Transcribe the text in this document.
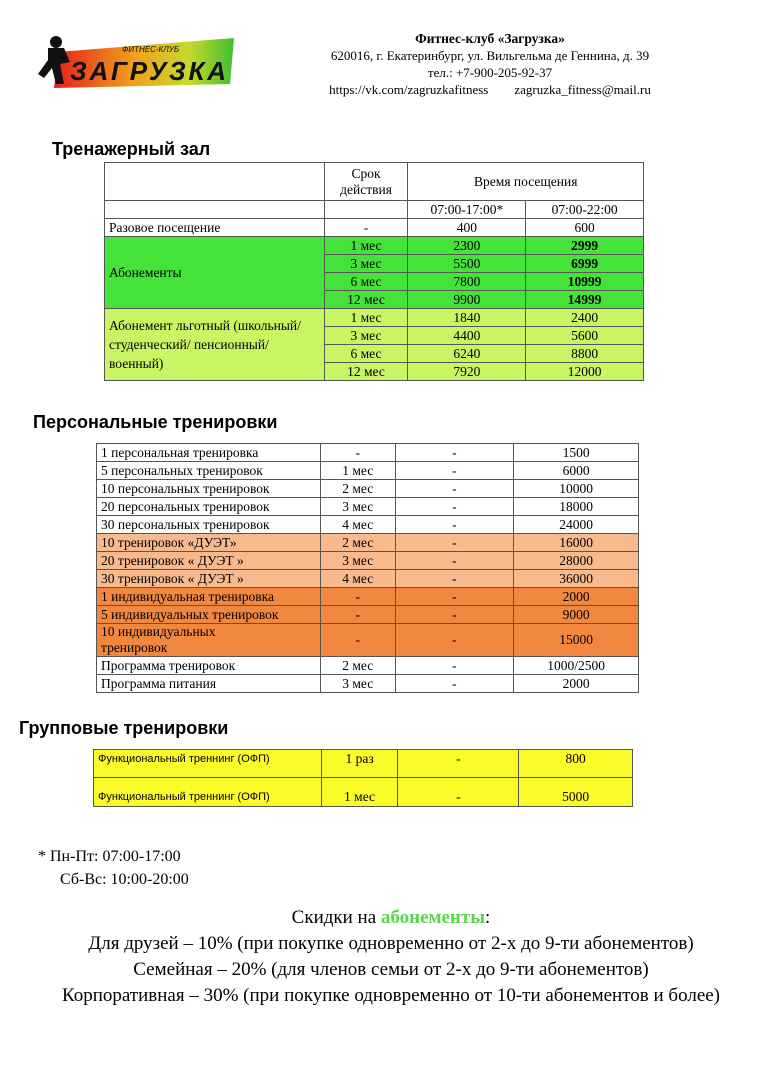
ФИТНЕС-КЛУБ
ЗАГРУЗКА
Фитнес-клуб «Загрузка»
620016, г. Екатеринбург, ул. Вильгельма де Геннина, д. 39
тел.: +7-900-205-92-37
https://vk.com/zagruzkafitness zagruzka_fitness@mail.ru
Тренажерный зал
	Срок действия	Время посещения	
		07:00-17:00*	07:00-22:00
Разовое посещение	-	400	600
Абонементы	1 мес	2300	2999
	3 мес	5500	6999
	6 мес	7800	10999
	12 мес	9900	14999
Абонемент льготный (школьный/студенческий/ пенсионный/военный)	1 мес	1840	2400
	3 мес	4400	5600
	6 мес	6240	8800
	12 мес	7920	12000
Персональные тренировки
1 персональная тренировка	-	-	1500
5 персональных тренировок	1 мес	-	6000
10 персональных тренировок	2 мес	-	10000
20 персональных тренировок	3 мес	-	18000
30 персональных тренировок	4 мес	-	24000
10 тренировок «ДУЭТ»	2 мес	-	16000
20 тренировок « ДУЭТ »	3 мес	-	28000
30 тренировок « ДУЭТ »	4 мес	-	36000
1 индивидуальная тренировка	-	-	2000
5 индивидуальных тренировок	-	-	9000
10 индивидуальных тренировок	-	-	15000
Программа тренировок	2 мес	-	1000/2500
Программа питания	3 мес	-	2000
Групповые тренировки
Функциональный треннинг (ОФП)	1 раз	-	800
Функциональный треннинг (ОФП)	1 мес	-	5000
* Пн-Пт: 07:00-17:00
Сб-Вс: 10:00-20:00
Скидки на абонементы:
Для друзей – 10% (при покупке одновременно от 2-х до 9-ти абонементов)
Семейная – 20% (для членов семьи от 2-х до 9-ти абонементов)
Корпоративная – 30% (при покупке одновременно от 10-ти абонементов и более)
